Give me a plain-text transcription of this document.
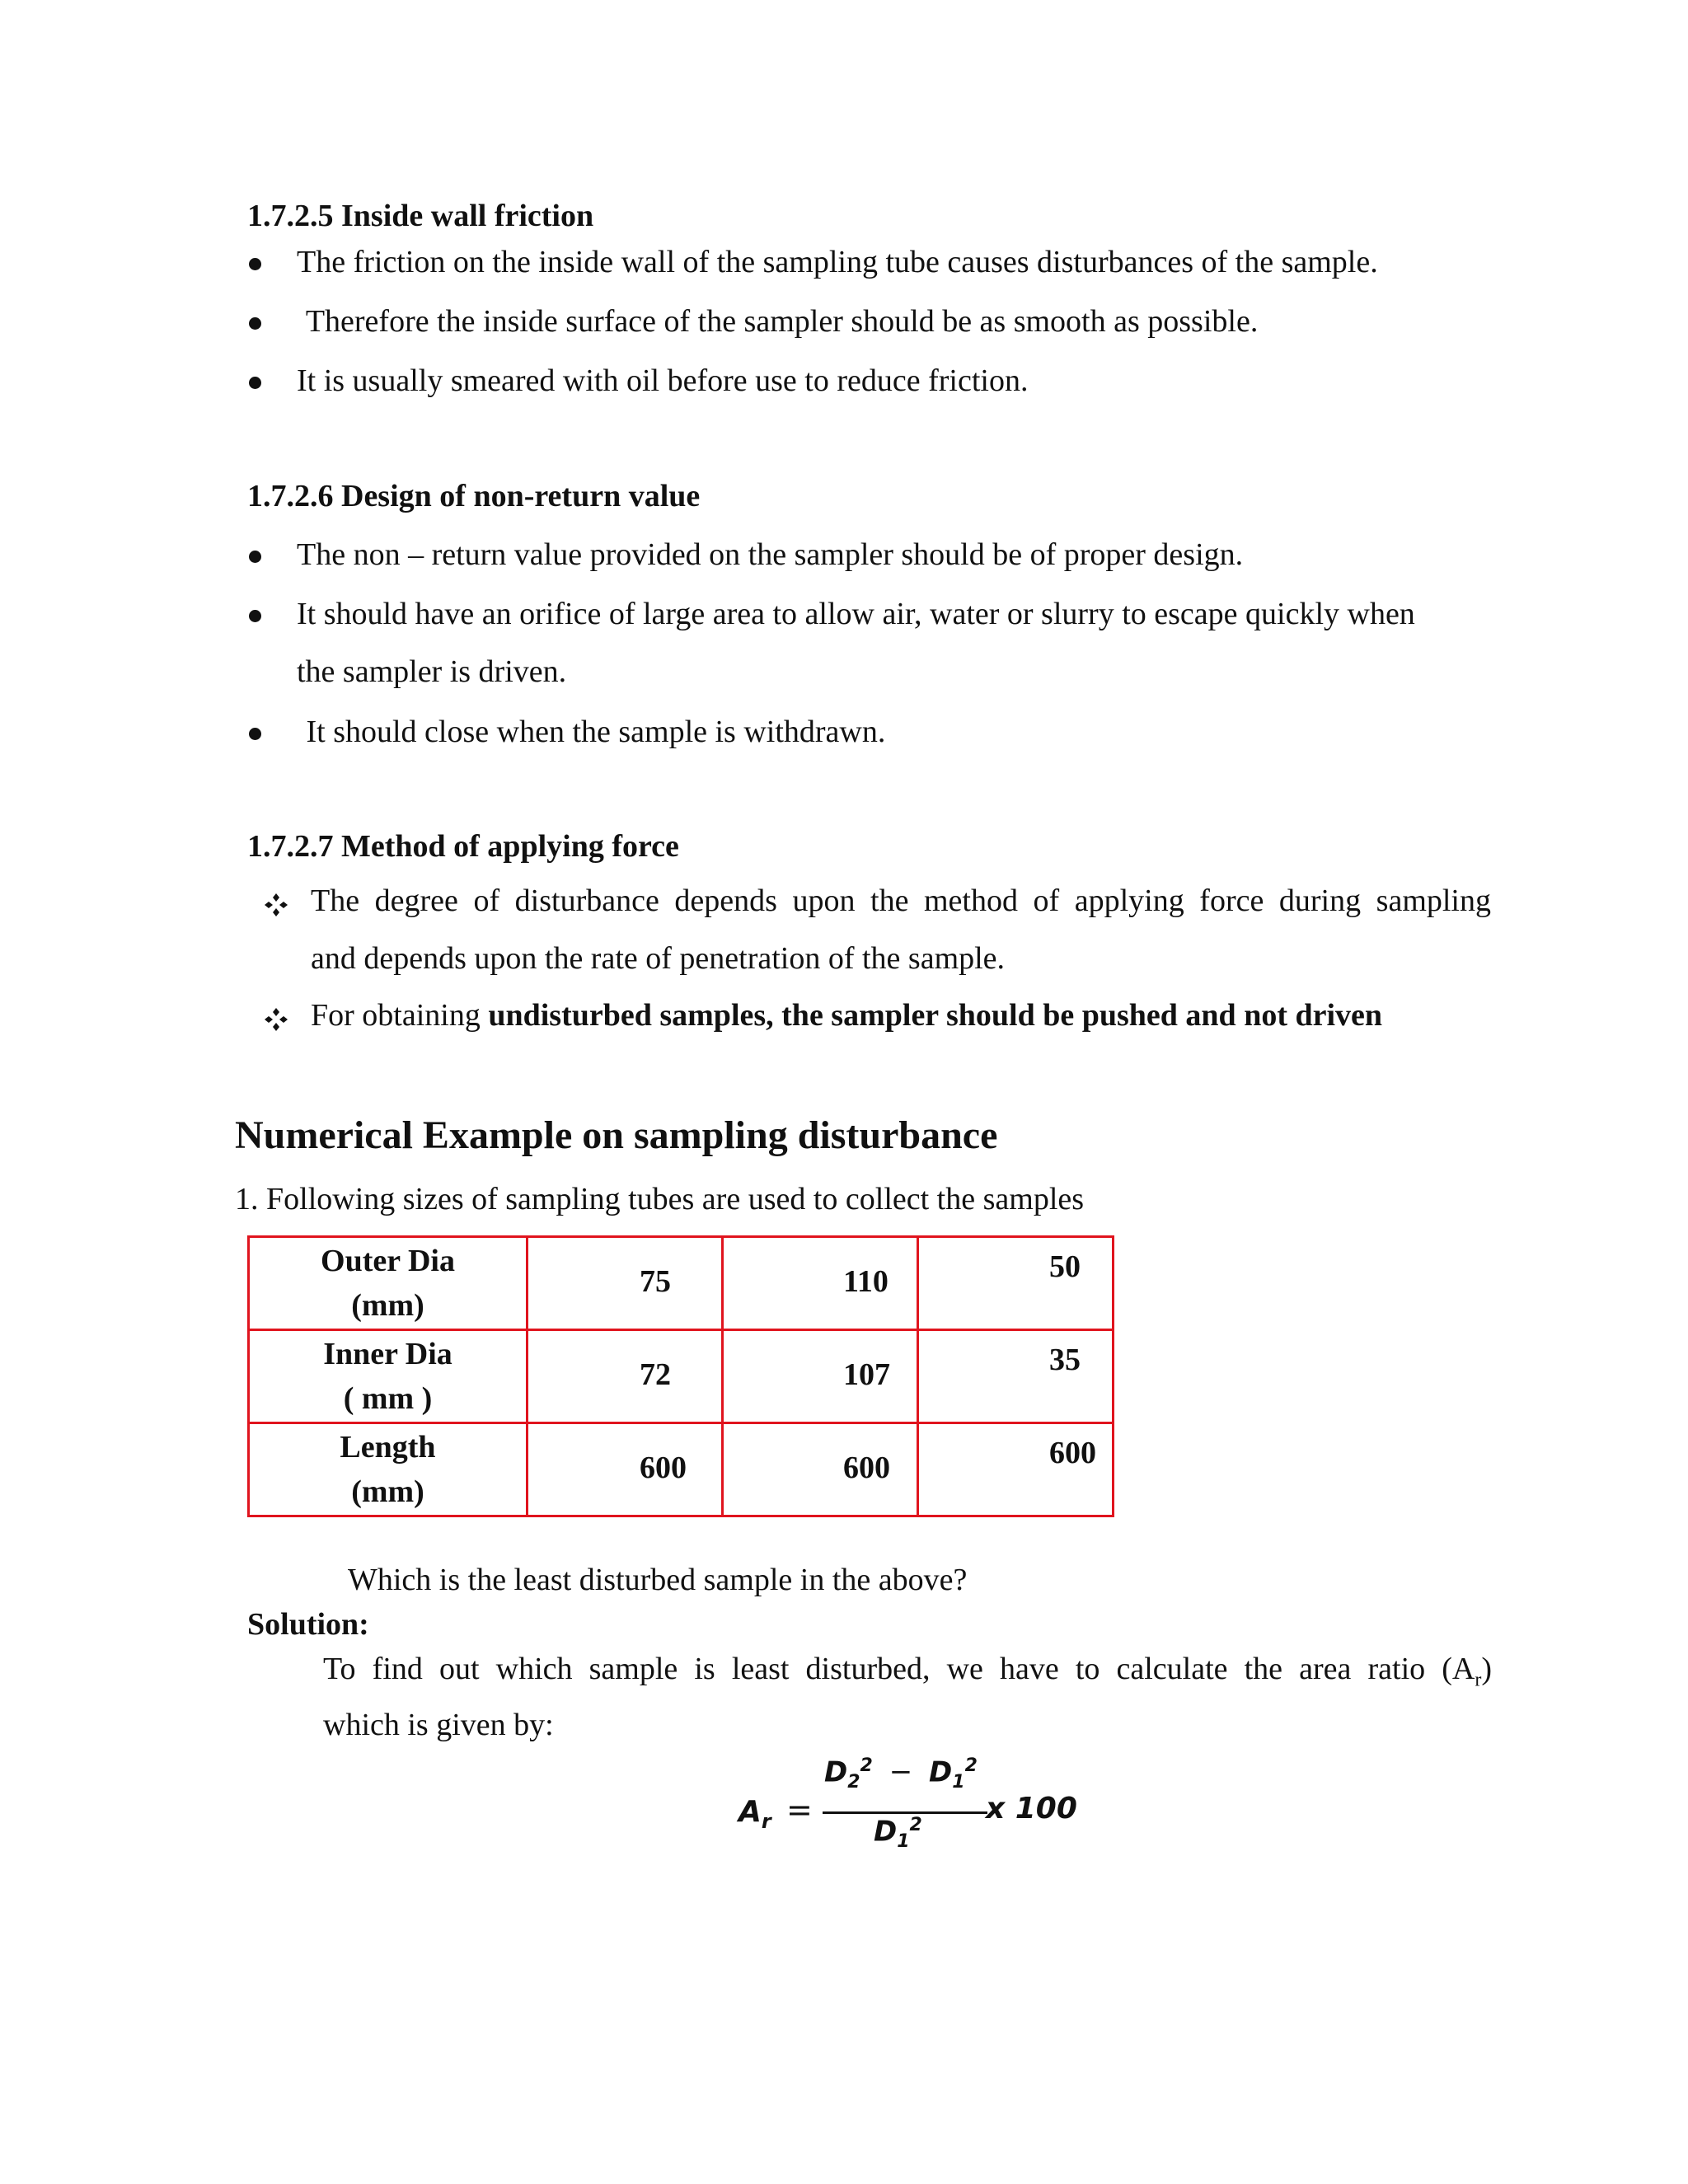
1.7.2.5 Inside wall friction
The friction on the inside wall of the sampling tube causes disturbances of the sample.
Therefore the inside surface of the sampler should be as smooth as possible.
It is usually smeared with oil before use to reduce friction.
1.7.2.6 Design of non-return value
The non – return value provided on the sampler should be of proper design.
It should have an orifice of large area to allow air, water or slurry to escape quickly when
the sampler is driven.
It should close when the sample is withdrawn.
1.7.2.7 Method of applying force
The degree of disturbance depends upon the method of applying force during sampling
and depends upon the rate of penetration of the sample.
For obtaining undisturbed samples, the sampler should be pushed and not driven
Numerical Example on sampling disturbance
1. Following sizes of sampling tubes are used to collect the samples
Outer Dia
(mm)	75	110	50

Inner Dia
( mm )	72	107	35

Length
(mm)	600	600	600
Which is the least disturbed sample in the above?
Solution:
To find out which sample is least disturbed, we have to calculate the area ratio $(A_r)$
which is given by:
$A_r$ =
$D_2^2 - D_1^2$
$D_1^2$ x 100
